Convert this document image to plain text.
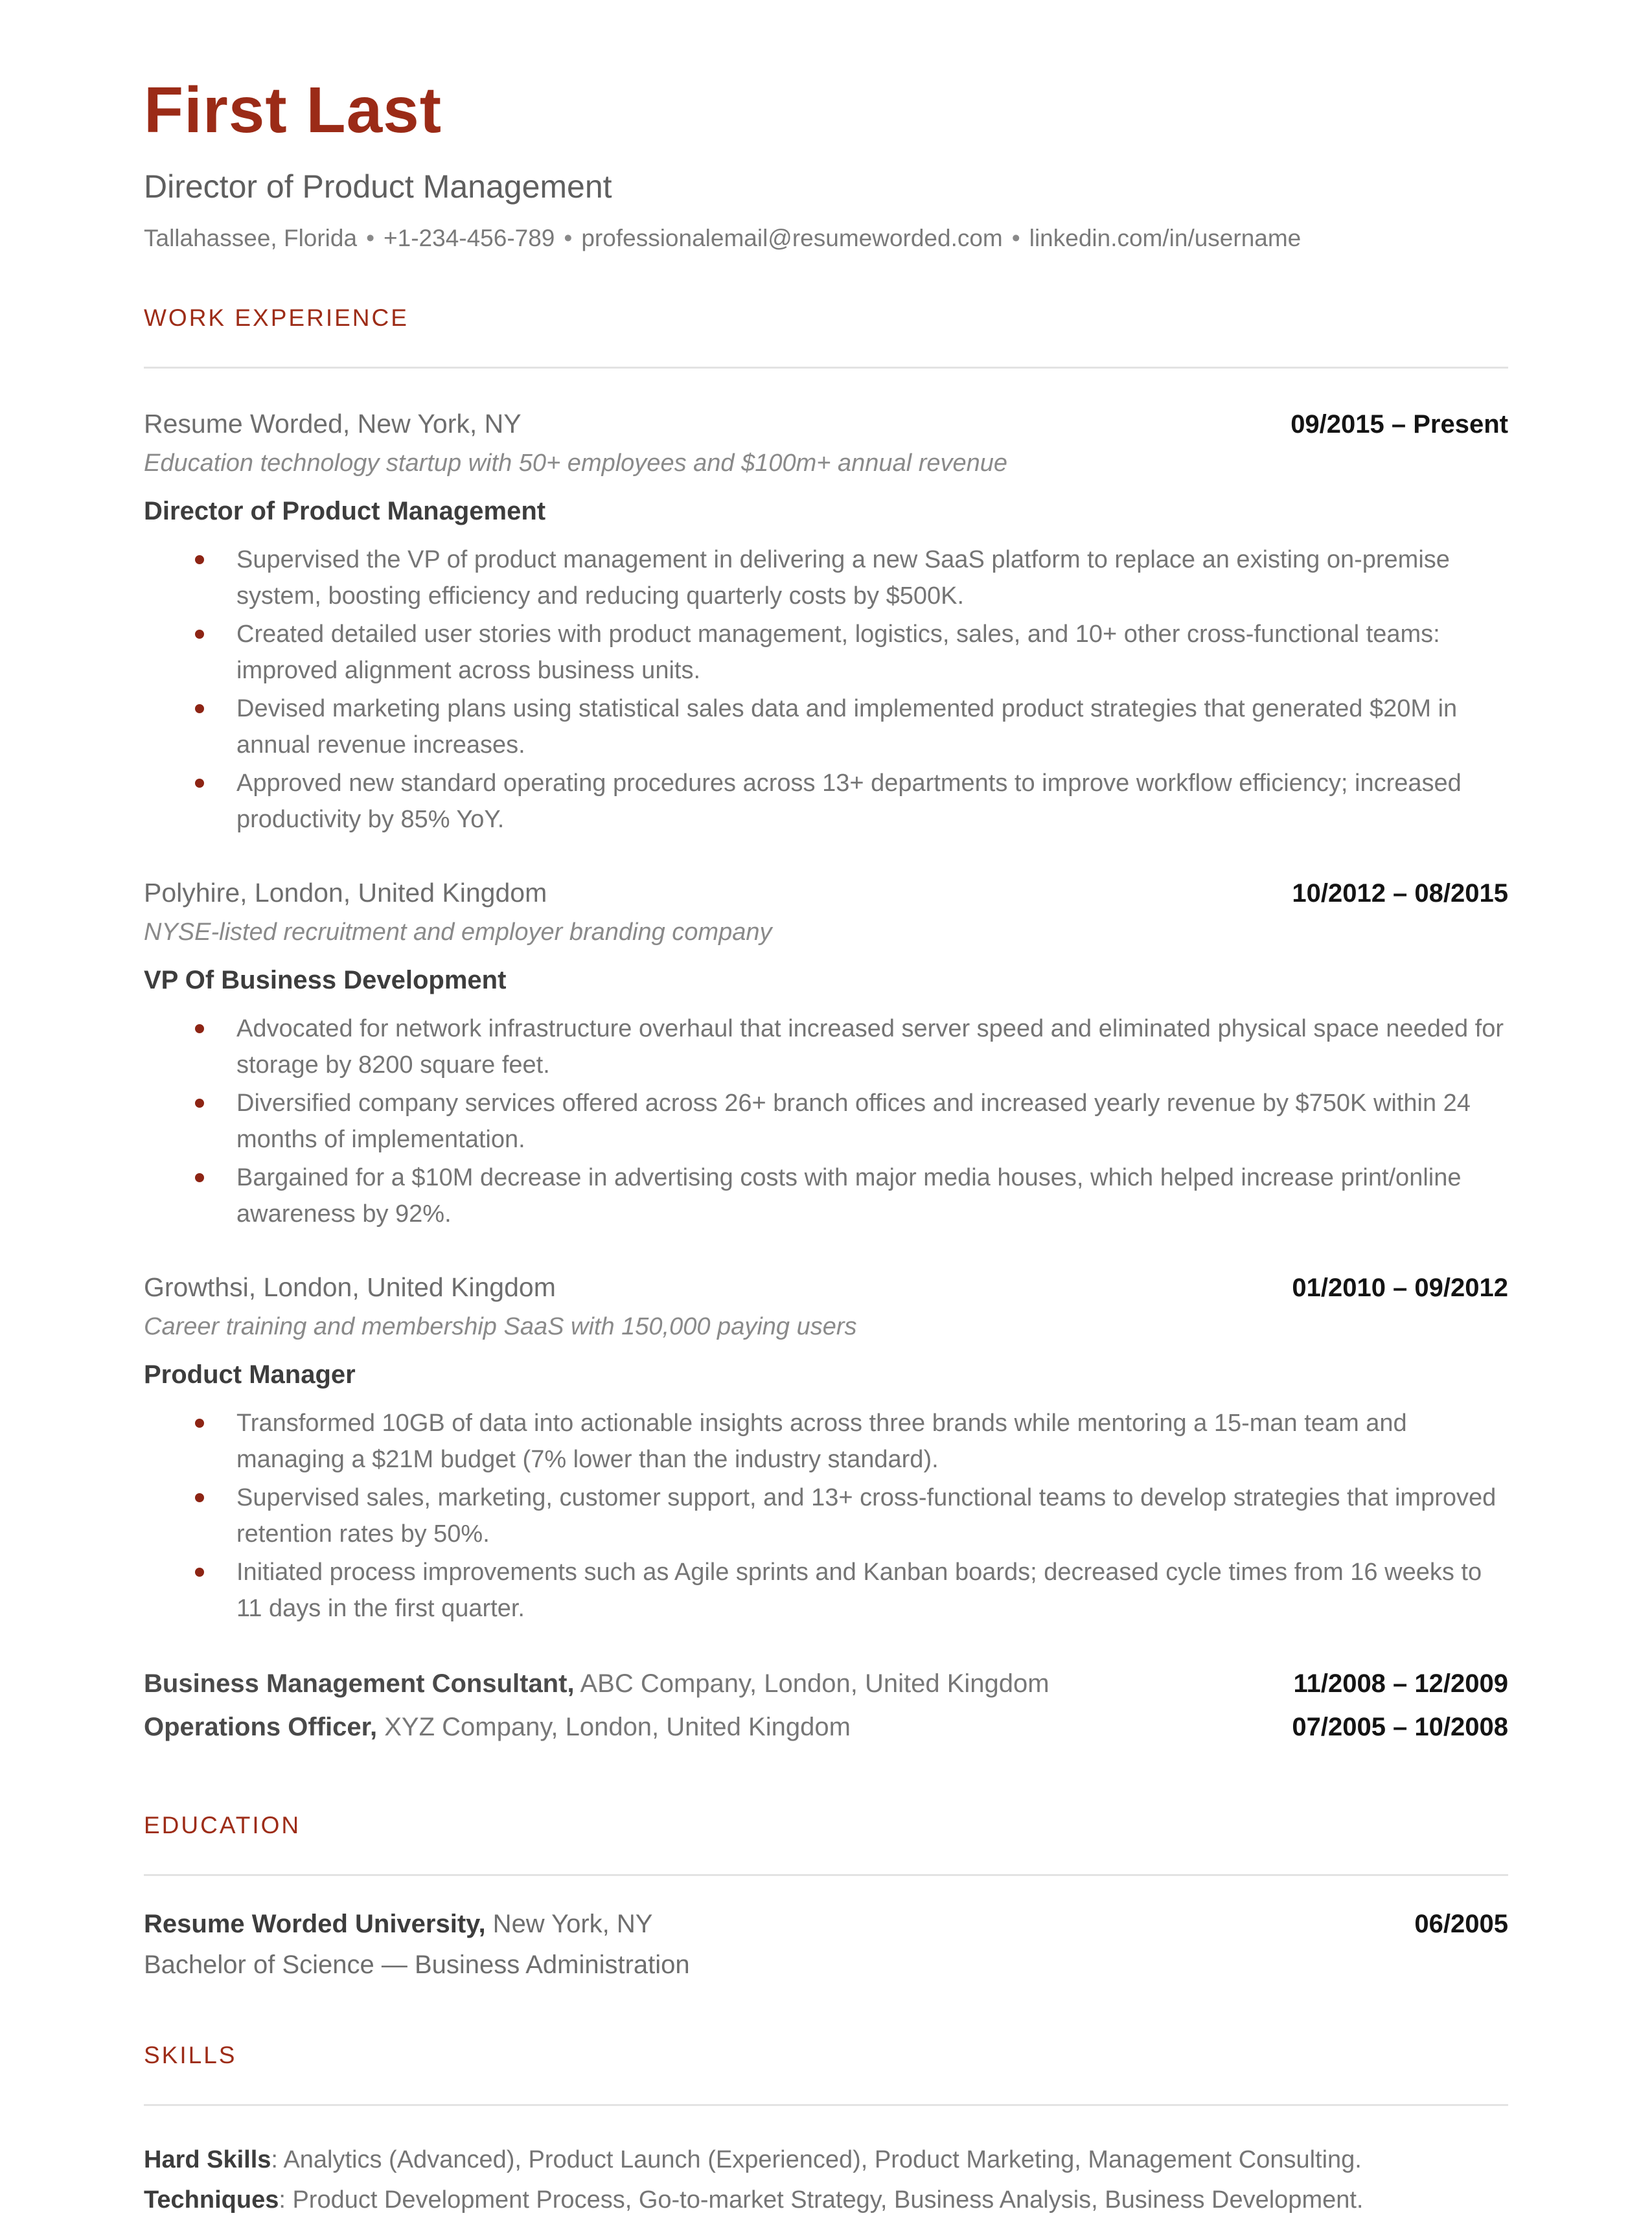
First Last
Director of Product Management
Tallahassee, Florida • +1-234-456-789 • professionalemail@resumeworded.com • linkedin.com/in/username
WORK EXPERIENCE
Resume Worded, New York, NY	09/2015 – Present
Education technology startup with 50+ employees and $100m+ annual revenue
Director of Product Management
Supervised the VP of product management in delivering a new SaaS platform to replace an existing on-premise system, boosting efficiency and reducing quarterly costs by $500K.
Created detailed user stories with product management, logistics, sales, and 10+ other cross-functional teams: improved alignment across business units.
Devised marketing plans using statistical sales data and implemented product strategies that generated $20M in annual revenue increases.
Approved new standard operating procedures across 13+ departments to improve workflow efficiency; increased productivity by 85% YoY.
Polyhire, London, United Kingdom	10/2012 – 08/2015
NYSE-listed recruitment and employer branding company
VP Of Business Development
Advocated for network infrastructure overhaul that increased server speed and eliminated physical space needed for storage by 8200 square feet.
Diversified company services offered across 26+ branch offices and increased yearly revenue by $750K within 24 months of implementation.
Bargained for a $10M decrease in advertising costs with major media houses, which helped increase print/online awareness by 92%.
Growthsi, London, United Kingdom	01/2010 – 09/2012
Career training and membership SaaS with 150,000 paying users
Product Manager
Transformed 10GB of data into actionable insights across three brands while mentoring a 15-man team and managing a $21M budget (7% lower than the industry standard).
Supervised sales, marketing, customer support, and 13+ cross-functional teams to develop strategies that improved retention rates by 50%.
Initiated process improvements such as Agile sprints and Kanban boards; decreased cycle times from 16 weeks to 11 days in the first quarter.
Business Management Consultant, ABC Company, London, United Kingdom	11/2008 – 12/2009
Operations Officer, XYZ Company, London, United Kingdom	07/2005 – 10/2008
EDUCATION
Resume Worded University, New York, NY	06/2005
Bachelor of Science — Business Administration
SKILLS
Hard Skills: Analytics (Advanced), Product Launch (Experienced), Product Marketing, Management Consulting.
Techniques: Product Development Process, Go-to-market Strategy, Business Analysis, Business Development.
